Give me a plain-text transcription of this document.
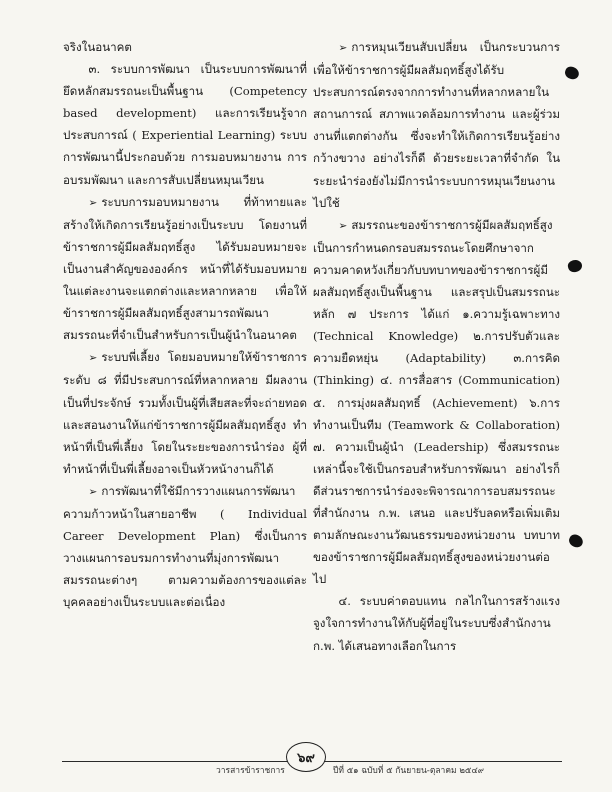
จริงในอนาคต

๓. ระบบการพัฒนา เป็นระบบการพัฒนาที่ยึดหลักสมรรถนะเป็นพื้นฐาน (Competency based development) และการเรียนรู้จากประสบการณ์ ( Experiential Learning) ระบบการพัฒนานี้ประกอบด้วย การมอบหมายงาน การอบรมพัฒนา และการสับเปลี่ยนหมุนเวียน

➢ ระบบการมอบหมายงาน ที่ท้าทายและสร้างให้เกิดการเรียนรู้อย่างเป็นระบบ โดยงานที่ข้าราชการผู้มีผลสัมฤทธิ์สูง ได้รับมอบหมายจะเป็นงานสำคัญขององค์กร หน้าที่ได้รับมอบหมายในแต่ละงานจะแตกต่างและหลากหลาย เพื่อให้ข้าราชการผู้มีผลสัมฤทธิ์สูงสามารถพัฒนาสมรรถนะที่จำเป็นสำหรับการเป็นผู้นำในอนาคต

➢ ระบบพี่เลี้ยง โดยมอบหมายให้ข้าราชการระดับ ๘ ที่มีประสบการณ์ที่หลากหลาย มีผลงานเป็นที่ประจักษ์ รวมทั้งเป็นผู้ที่เสียสละที่จะถ่ายทอดและสอนงานให้แก่ข้าราชการผู้มีผลสัมฤทธิ์สูง ทำหน้าที่เป็นพี่เลี้ยง โดยในระยะของการนำร่อง ผู้ที่ทำหน้าที่เป็นพี่เลี้ยงอาจเป็นหัวหน้างานก็ได้

➢ การพัฒนาที่ใช้มีการวางแผนการพัฒนาความก้าวหน้าในสายอาชีพ ( Individual Career Development Plan) ซึ่งเป็นการวางแผนการอบรมการทำงานที่มุ่งการพัฒนาสมรรถนะต่างๆ ตามความต้องการของแต่ละบุคคลอย่างเป็นระบบและต่อเนื่อง

➢ การหมุนเวียนสับเปลี่ยน เป็นกระบวนการเพื่อให้ข้าราชการผู้มีผลสัมฤทธิ์สูงได้รับประสบการณ์ตรงจากการทำงานที่หลากหลายในสถานการณ์ สภาพแวดล้อมการทำงาน และผู้ร่วมงานที่แตกต่างกัน ซึ่งจะทำให้เกิดการเรียนรู้อย่างกว้างขวาง อย่างไรก็ดี ด้วยระยะเวลาที่จำกัด ในระยะนำร่องยังไม่มีการนำระบบการหมุนเวียนงานไปใช้

➢ สมรรถนะของข้าราชการผู้มีผลสัมฤทธิ์สูง เป็นการกำหนดกรอบสมรรถนะโดยศึกษาจากความคาดหวังเกี่ยวกับบทบาทของข้าราชการผู้มีผลสัมฤทธิ์สูงเป็นพื้นฐาน และสรุปเป็นสมรรถนะหลัก ๗ ประการ ได้แก่ ๑.ความรู้เฉพาะทาง (Technical Knowledge) ๒.การปรับตัวและความยืดหยุ่น (Adaptability) ๓.การคิด (Thinking) ๔. การสื่อสาร (Communication) ๕. การมุ่งผลสัมฤทธิ์ (Achievement) ๖.การทำงานเป็นทีม (Teamwork & Collaboration) ๗. ความเป็นผู้นำ (Leadership) ซึ่งสมรรถนะเหล่านี้จะใช้เป็นกรอบสำหรับการพัฒนา อย่างไรก็ดีส่วนราชการนำร่องจะพิจารณาการอบสมรรถนะที่สำนักงาน ก.พ. เสนอ และปรับลดหรือเพิ่มเติมตามลักษณะงานวัฒนธรรมของหน่วยงาน บทบาทของข้าราชการผู้มีผลสัมฤทธิ์สูงของหน่วยงานต่อไป

๔. ระบบค่าตอบแทน กลไกในการสร้างแรงจูงใจการทำงานให้กับผู้ที่อยู่ในระบบซึ่งสำนักงาน ก.พ. ได้เสนอทางเลือกในการ

๖๙
วารสารข้าราชการ	ปีที่ ๕๑ ฉบับที่ ๕ กันยายน-ตุลาคม ๒๕๔๙
